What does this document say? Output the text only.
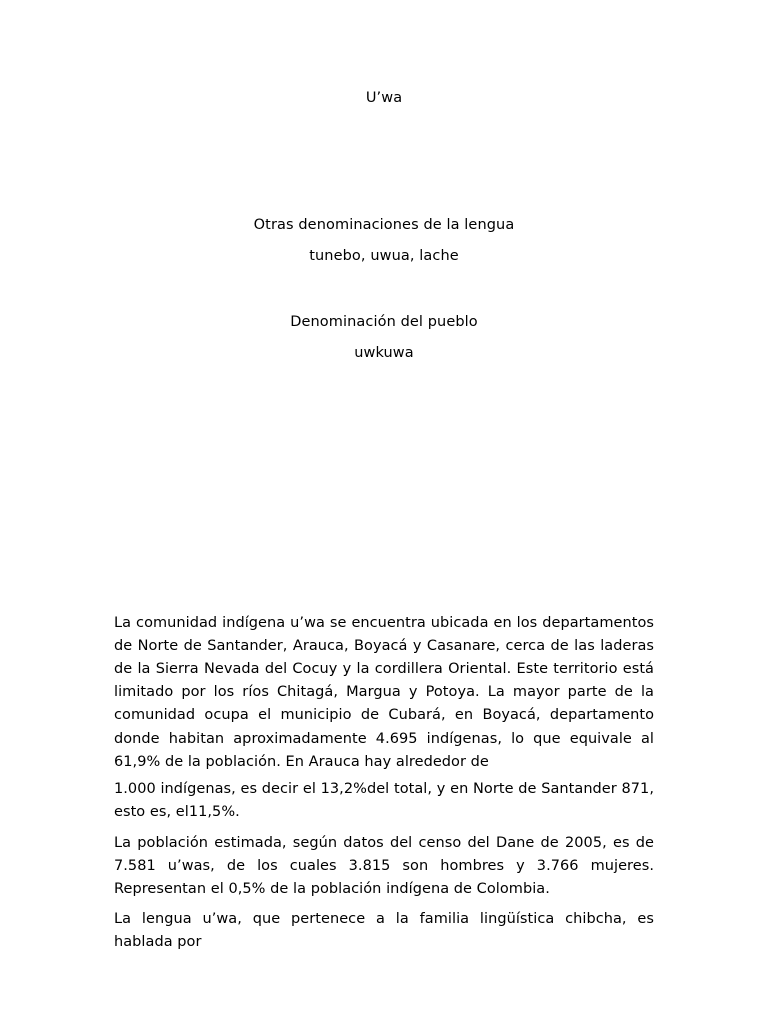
U’wa
Otras denominaciones de la lengua
tunebo, uwua, lache
Denominación del pueblo
uwkuwa

La comunidad indígena u’wa se encuentra ubicada en los departamentos de Norte de Santander, Arauca, Boyacá y Casanare, cerca de las laderas de la Sierra Nevada del Cocuy y la cordillera Oriental. Este territorio está limitado por los ríos Chitagá, Margua y Potoya. La mayor parte de la comunidad ocupa el municipio de Cubará, en Boyacá, departamento donde habitan aproximadamente 4.695 indígenas, lo que equivale al 61,9% de la población. En Arauca hay alrededor de

1.000 indígenas, es decir el 13,2%del total, y en Norte de Santander 871, esto es, el11,5%.

La población estimada, según datos del censo del Dane de 2005, es de 7.581 u’was, de los cuales 3.815 son hombres y 3.766 mujeres. Representan el 0,5% de la población indígena de Colombia.

La lengua u’wa, que pertenece a la familia lingüística chibcha, es hablada por
